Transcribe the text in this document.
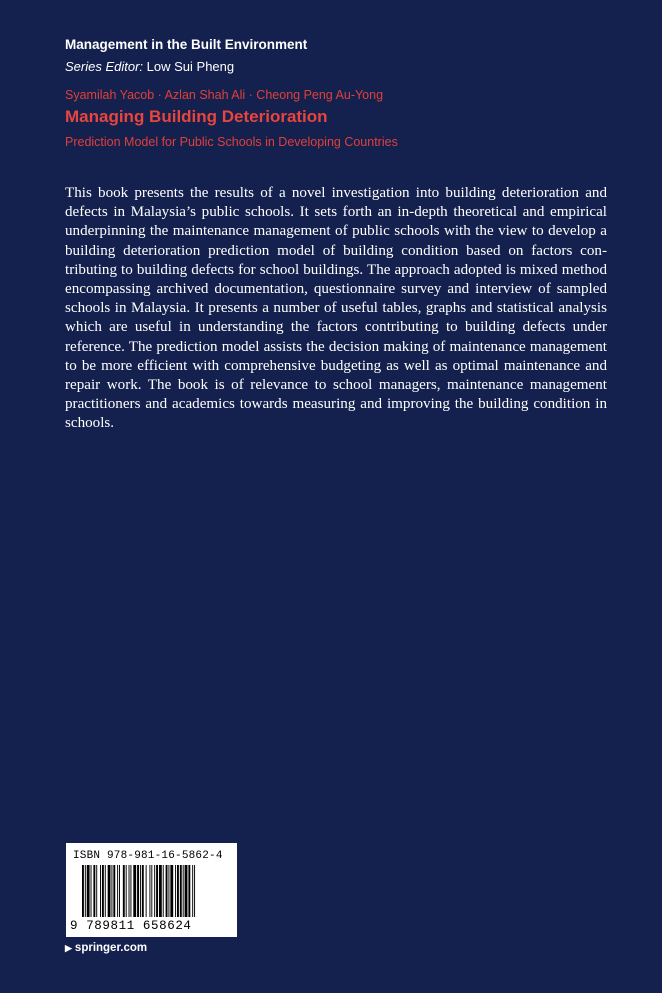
Management in the Built Environment
Series Editor: Low Sui Pheng
Syamilah Yacob · Azlan Shah Ali · Cheong Peng Au-Yong
Managing Building Deterioration
Prediction Model for Public Schools in Developing Countries
This book presents the results of a novel investigation into building deterioration and defects in Malaysia’s public schools. It sets forth an in-depth theoretical and empirical underpinning the maintenance management of public schools with the view to develop a building deterioration prediction model of building condition based on factors contributing to building defects for school buildings. The approach adopted is mixed method encompassing archived documentation, questionnaire survey and interview of sampled schools in Malaysia. It presents a number of useful tables, graphs and statistical analysis which are useful in understanding the factors contributing to building defects under reference. The prediction model assists the decision making of maintenance management to be more efficient with comprehensive budgeting as well as optimal maintenance and repair work. The book is of relevance to school managers, maintenance management practitioners and academics towards measuring and improving the building condition in schools.
ISBN 978-981-16-5862-4
9 789811 658624
▶ springer.com
